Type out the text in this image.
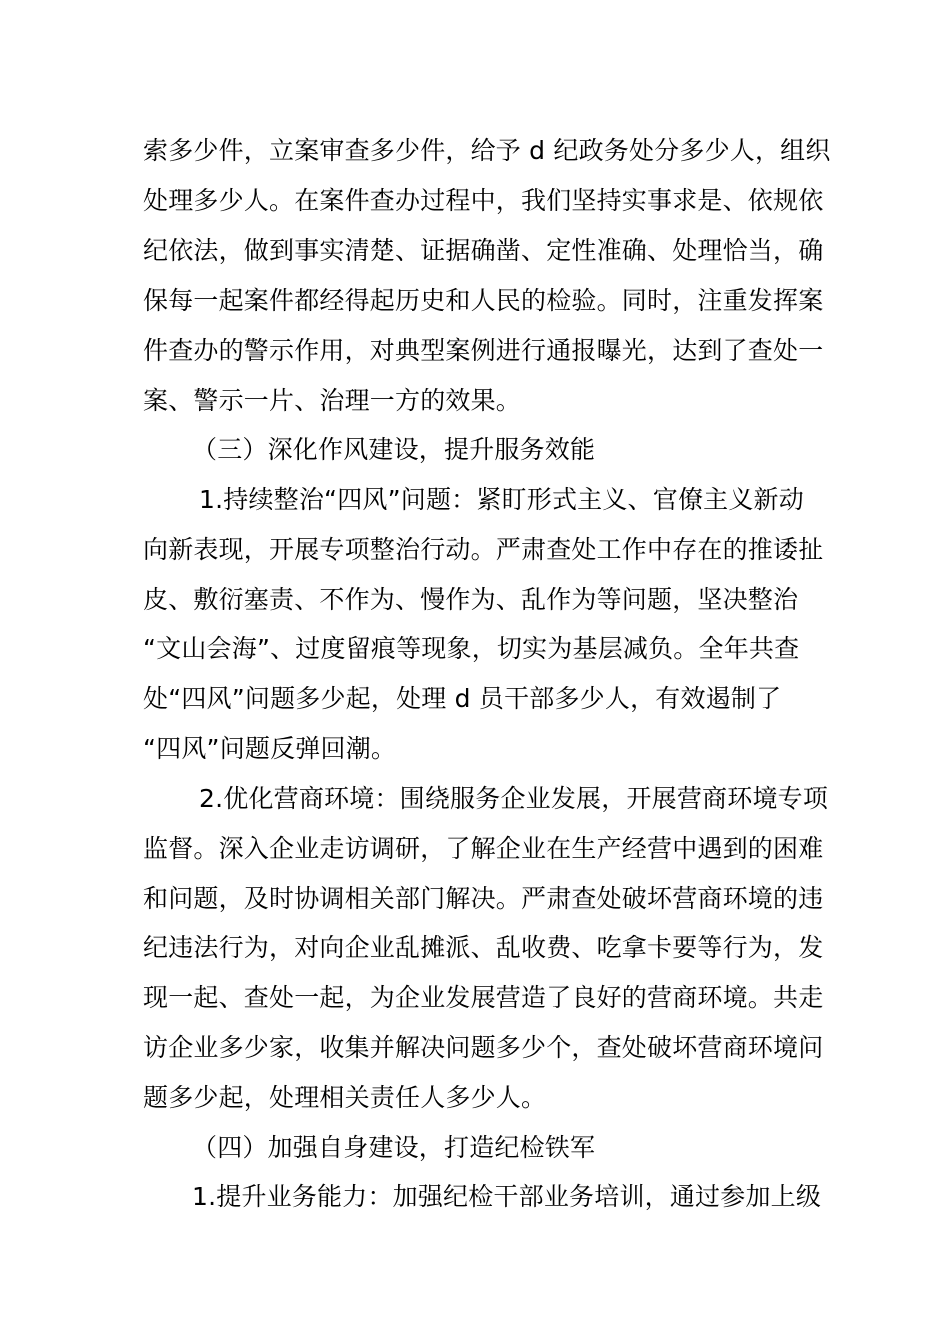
索多少件，立案审查多少件，给予 d 纪政务处分多少人，组织
处理多少人。在案件查办过程中，我们坚持实事求是、依规依
纪依法，做到事实清楚、证据确凿、定性准确、处理恰当，确
保每一起案件都经得起历史和人民的检验。同时，注重发挥案
件查办的警示作用，对典型案例进行通报曝光，达到了查处一
案、警示一片、治理一方的效果。
（三）深化作风建设，提升服务效能
1.持续整治“四风”问题：紧盯形式主义、官僚主义新动
向新表现，开展专项整治行动。严肃查处工作中存在的推诿扯
皮、敷衍塞责、不作为、慢作为、乱作为等问题，坚决整治
“文山会海”、过度留痕等现象，切实为基层减负。全年共查
处“四风”问题多少起，处理 d 员干部多少人，有效遏制了
“四风”问题反弹回潮。
2.优化营商环境：围绕服务企业发展，开展营商环境专项
监督。深入企业走访调研，了解企业在生产经营中遇到的困难
和问题，及时协调相关部门解决。严肃查处破坏营商环境的违
纪违法行为，对向企业乱摊派、乱收费、吃拿卡要等行为，发
现一起、查处一起，为企业发展营造了良好的营商环境。共走
访企业多少家，收集并解决问题多少个，查处破坏营商环境问
题多少起，处理相关责任人多少人。
（四）加强自身建设，打造纪检铁军
1.提升业务能力：加强纪检干部业务培训，通过参加上级
